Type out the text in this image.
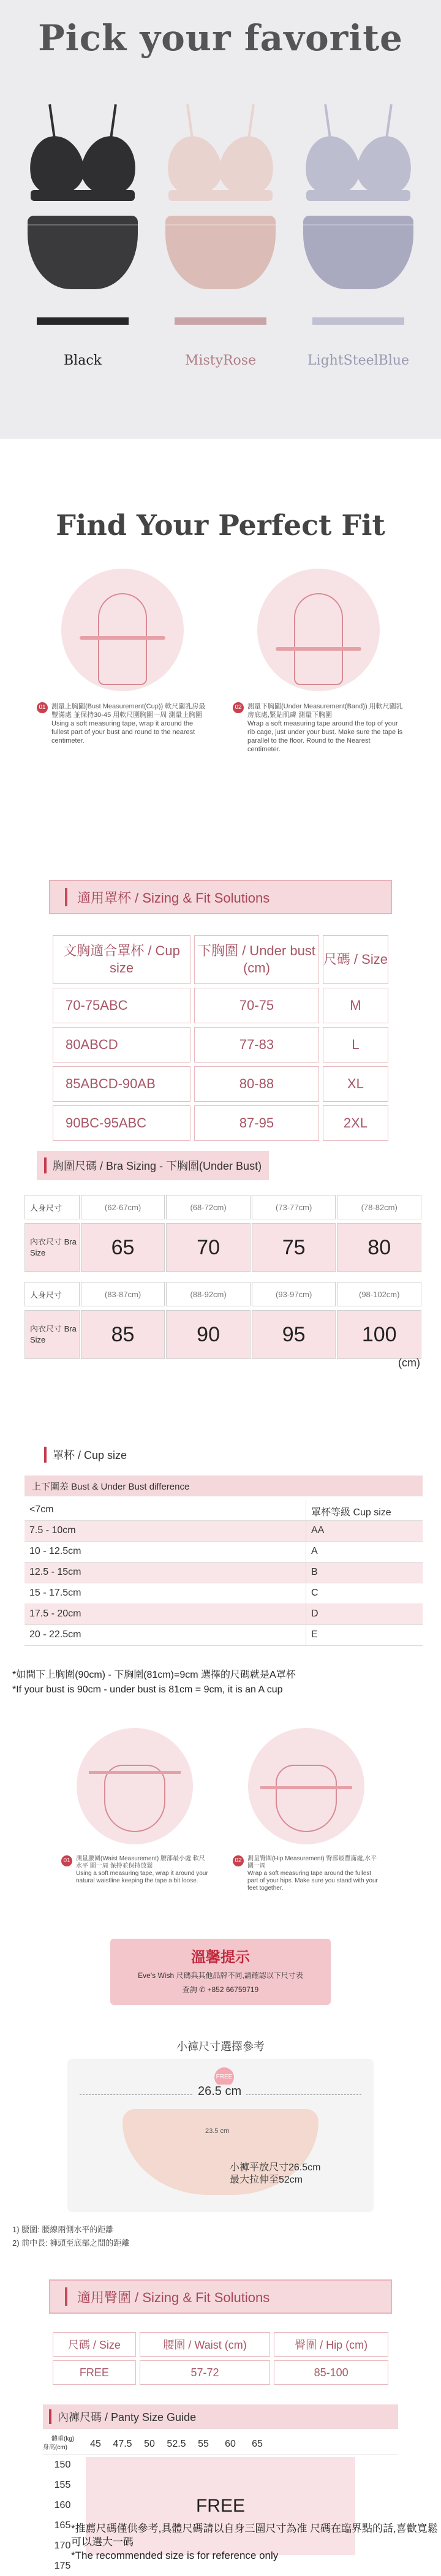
Pick your favorite
Black	MistyRose	LightSteelBlue
Find Your Perfect Fit
01 測量上胸圍(Bust Measurement(Cup)) 軟尺圍乳房最豐滿處 並保持30-45 用軟尺圍胸圍一周 測量上胸圍
Using a soft measuring tape, wrap it around the fullest part of your bust and round to the nearest centimeter.
02 測量下胸圍(Under Measurement(Band)) 用軟尺圍乳房底處,緊貼肌膚 測量下胸圍
Wrap a soft measuring tape around the top of your rib cage, just under your bust. Make sure the tape is parallel to the floor. Round to the Nearest centimeter.
適用罩杯 / Sizing & Fit Solutions
文胸適合罩杯 / Cup size	下胸圍 / Under bust (cm)	尺碼 / Size
70-75ABC	70-75	M
80ABCD	77-83	L
85ABCD-90AB	80-88	XL
90BC-95ABC	87-95	2XL
胸圍尺碼 / Bra Sizing - 下胸圍(Under Bust)
人身尺寸	(62-67cm)	(68-72cm)	(73-77cm)	(78-82cm)
內衣尺寸 Bra Size	65	70	75	80
人身尺寸	(83-87cm)	(88-92cm)	(93-97cm)	(98-102cm)
內衣尺寸 Bra Size	85	90	95	100
(cm)
罩杯 / Cup size
上下圍差 Bust & Under Bust difference
<7cm	罩杯等級 Cup size
7.5 - 10cm	AA
10 - 12.5cm	A
12.5 - 15cm	B
15 - 17.5cm	C
17.5 - 20cm	D
20 - 22.5cm	E
*如間下上胸圍(90cm) - 下胸圍(81cm)=9cm 選擇的尺碼就是A罩杯
*If your bust is 90cm - under bust is 81cm = 9cm, it is an A cup
01 測量腰圍(Waist Measurement) 腰部最小處 軟尺水平 圍一周 保持並保持放鬆
Using a soft measuring tape, wrap it around your natural waistline keeping the tape a bit loose.
02 測量臀圍(Hip Measurement) 臀部最豐滿處,水平圍一周
Wrap a soft measuring tape around the fullest part of your hips. Make sure you stand with your feet together.
溫馨提示
Eve's Wish 尺碼與其他品牌不同,請確認以下尺寸表
查詢 ✆ +852 66759719
小褲尺寸選擇參考
FREE
26.5 cm
23.5 cm
小褲平放尺寸26.5cm
最大拉伸至52cm
1) 腰圍: 腰線兩側水平的距離
2) 前中長: 褲頭至底部之間的距離
適用臀圍 / Sizing & Fit Solutions
尺碼 / Size	腰圍 / Waist (cm)	臀圍 / Hip (cm)
FREE	57-72	85-100
內褲尺碼 / Panty Size Guide
體重(kg)
身高(cm)	45	47.5	50	52.5	55	60	65
150
155
160
165
170
175
FREE
*推薦尺碼僅供參考,具體尺碼請以自身三圍尺寸為准 尺碼在臨界點的話,喜歡寬鬆可以選大一碼
*The recommended size is for reference only
